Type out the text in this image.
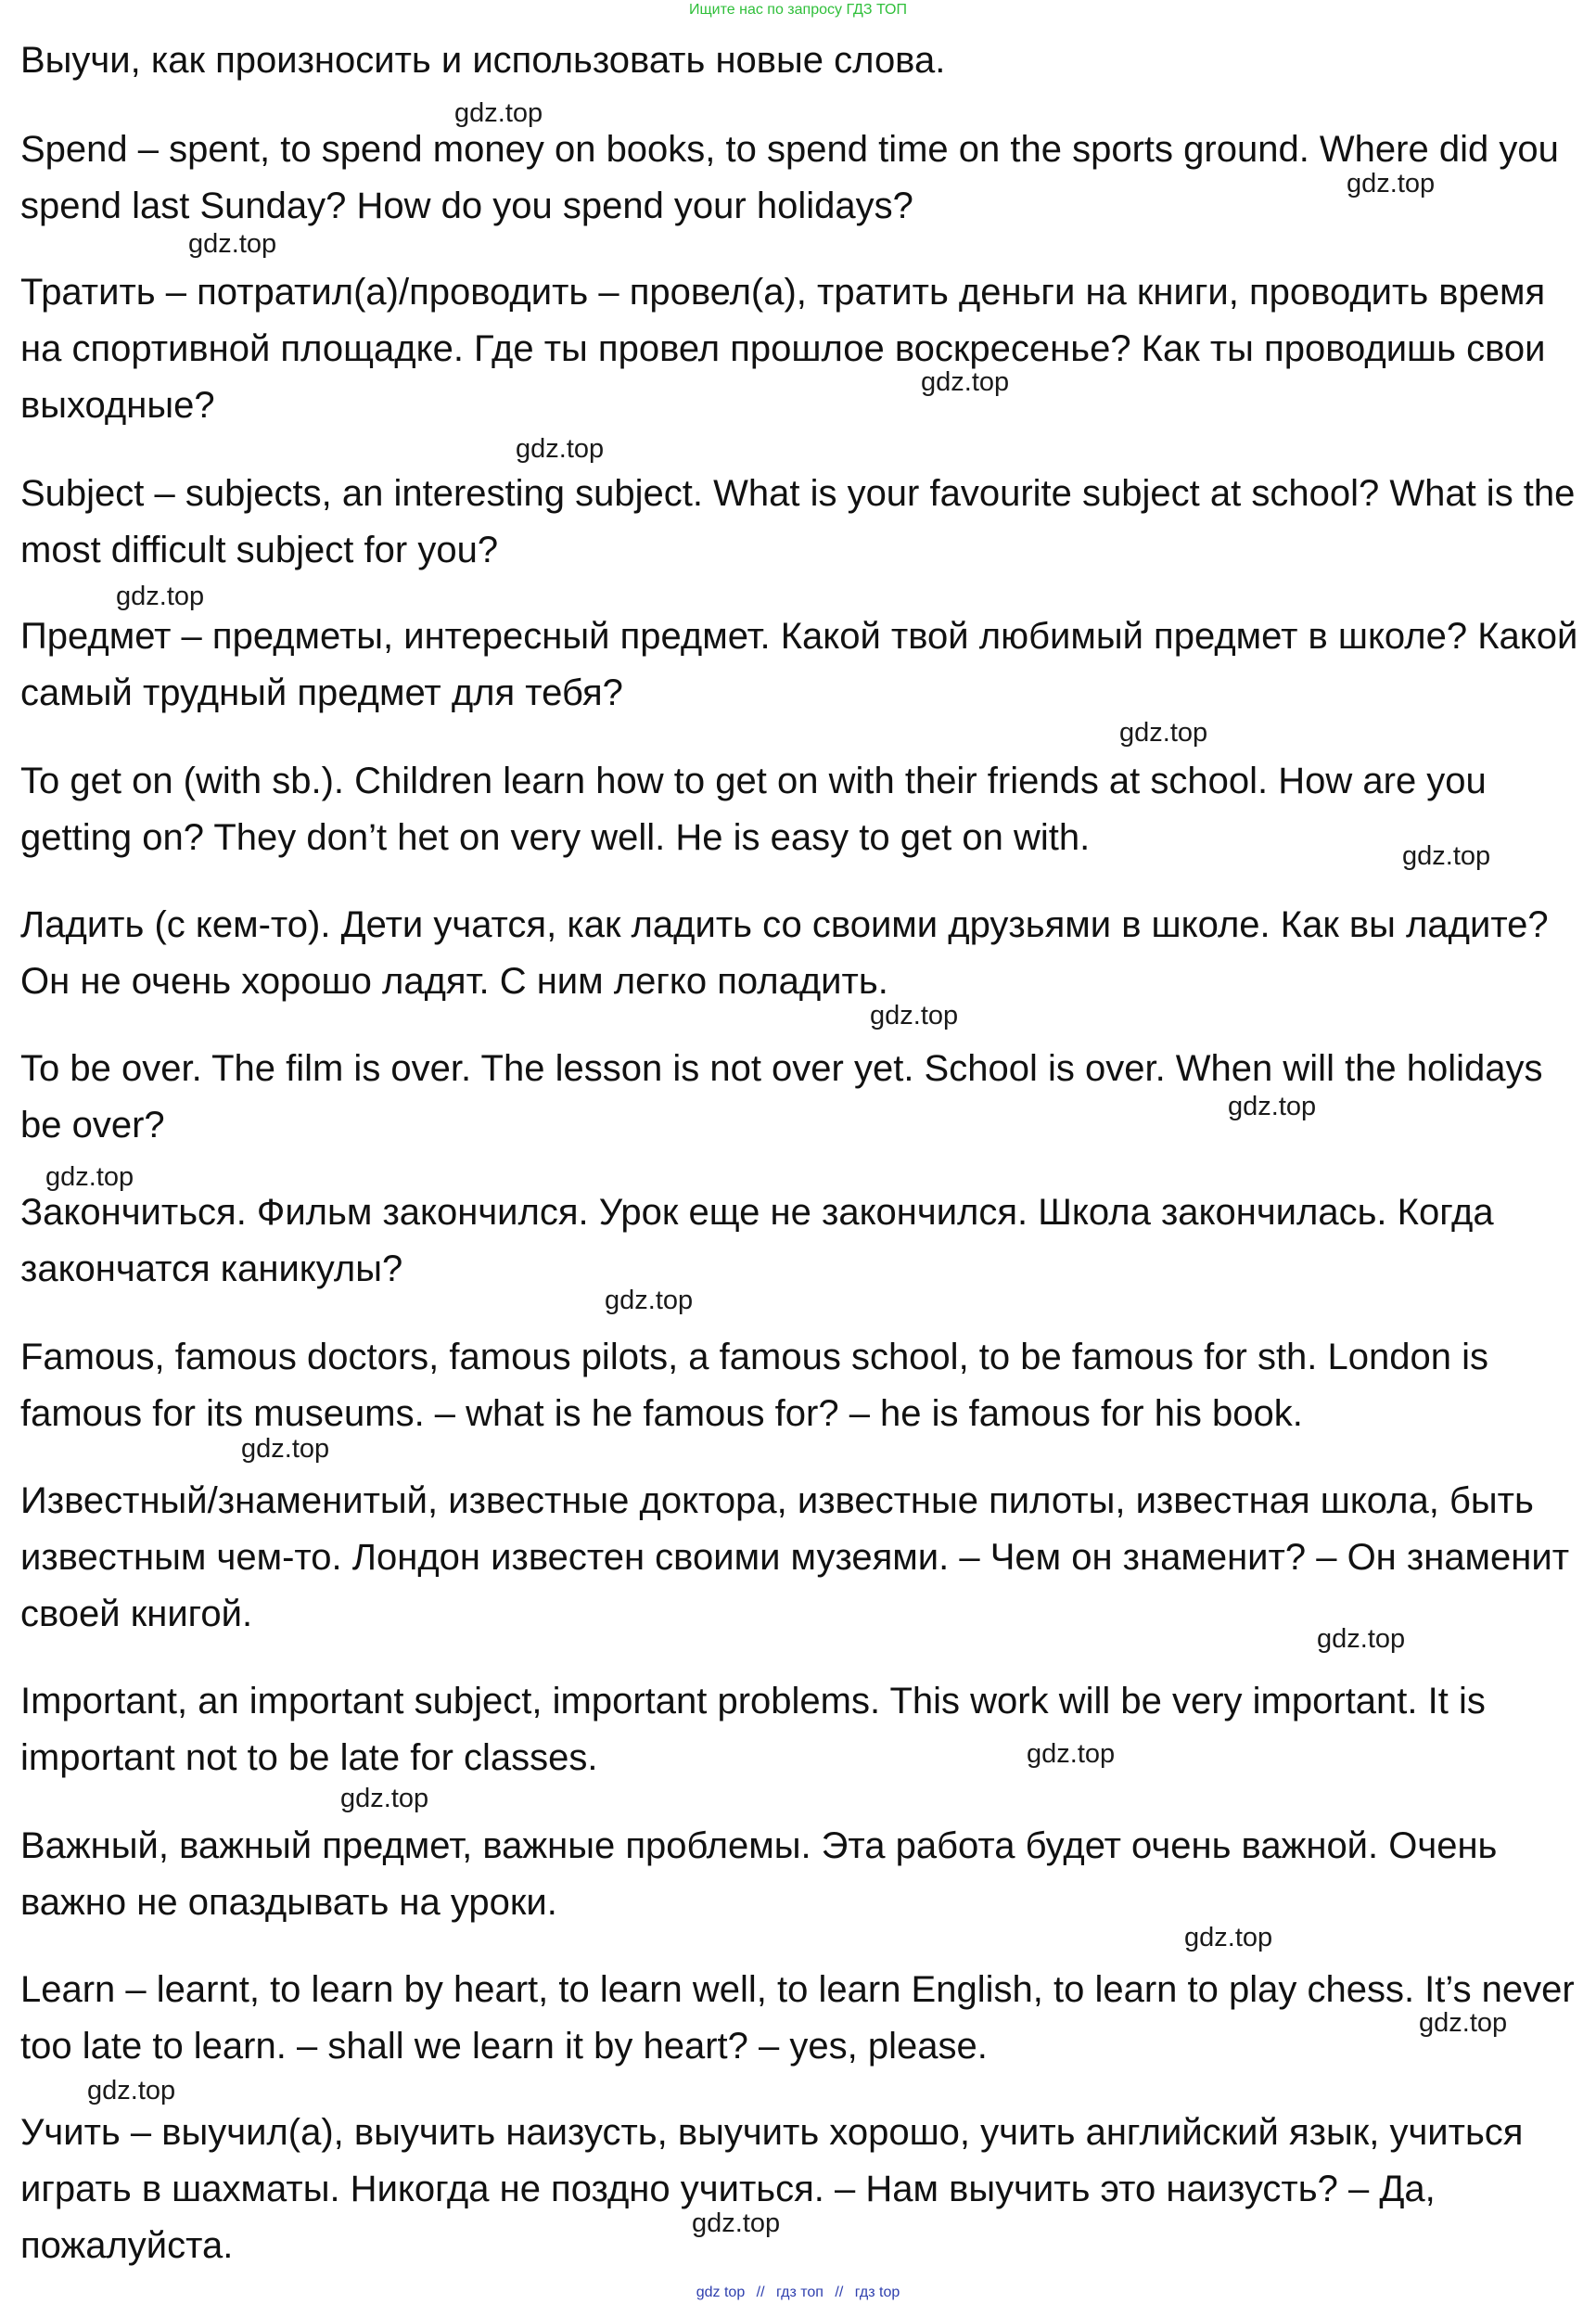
Ищите нас по запросу ГДЗ ТОП

Выучи, как произносить и использовать новые слова.

Spend – spent, to spend money on books, to spend time on the sports ground. Where did you spend last Sunday? How do you spend your holidays?

Тратить – потратил(а)/проводить – провел(а), тратить деньги на книги, проводить время на спортивной площадке. Где ты провел прошлое воскресенье? Как ты проводишь свои выходные?

Subject – subjects, an interesting subject. What is your favourite subject at school? What is the most difficult subject for you?

Предмет – предметы, интересный предмет. Какой твой любимый предмет в школе? Какой самый трудный предмет для тебя?

To get on (with sb.). Children learn how to get on with their friends at school. How are you getting on? They don’t het on very well. He is easy to get on with.

Ладить (с кем-то). Дети учатся, как ладить со своими друзьями в школе. Как вы ладите? Он не очень хорошо ладят. С ним легко поладить.

To be over. The film is over. The lesson is not over yet. School is over. When will the holidays be over?

Закончиться. Фильм закончился. Урок еще не закончился. Школа закончилась. Когда закончатся каникулы?

Famous, famous doctors, famous pilots, a famous school, to be famous for sth. London is famous for its museums. – what is he famous for? – he is famous for his book.

Известный/знаменитый, известные доктора, известные пилоты, известная школа, быть известным чем-то. Лондон известен своими музеями. – Чем он знаменит? – Он знаменит своей книгой.

Important, an important subject, important problems. This work will be very important. It is important not to be late for classes.

Важный, важный предмет, важные проблемы. Эта работа будет очень важной. Очень важно не опаздывать на уроки.

Learn – learnt, to learn by heart, to learn well, to learn English, to learn to play chess. It’s never too late to learn. – shall we learn it by heart? – yes, please.

Учить – выучил(а), выучить наизусть, выучить хорошо, учить английский язык, учиться играть в шахматы. Никогда не поздно учиться. – Нам выучить это наизусть? – Да, пожалуйста.

gdz.top
gdz.top
gdz.top
gdz.top
gdz.top
gdz.top
gdz.top
gdz.top
gdz.top
gdz.top
gdz.top
gdz.top
gdz.top
gdz.top
gdz.top
gdz.top
gdz.top
gdz.top
gdz.top
gdz.top
gdz top // гдз топ // гдз top
